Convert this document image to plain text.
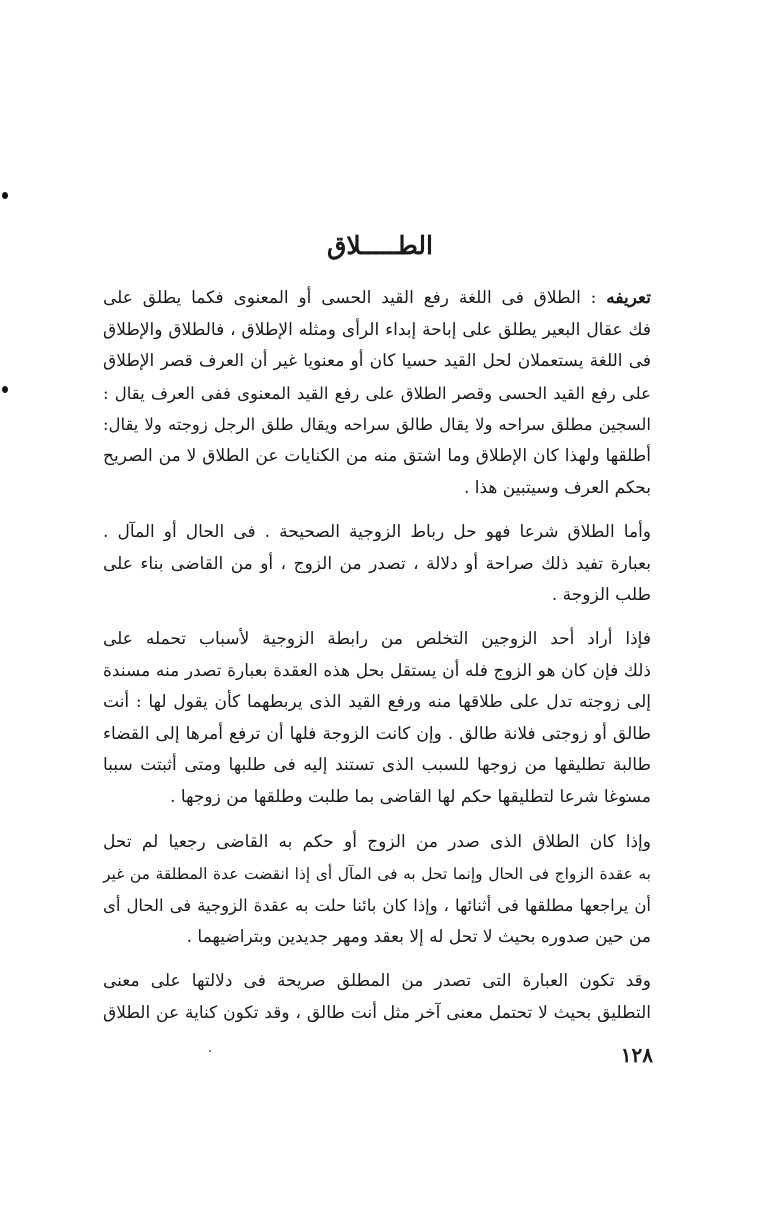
الطـــــلاق
تعريفه : الطلاق فى اللغة رفع القيد الحسى أو المعنوى فكما يطلق على
فك عقال البعير يطلق على إباحة إبداء الرأى ومثله الإطلاق ، فالطلاق والإطلاق
فى اللغة يستعملان لحل القيد حسيا كان أو معنويا غير أن العرف قصر الإطلاق
على رفع القيد الحسى وقصر الطلاق على رفع القيد المعنوى ففى العرف يقال :
السجين مطلق سراحه ولا يقال طالق سراحه ويقال طلق الرجل زوجته ولا يقال:
أطلقها ولهذا كان الإطلاق وما اشتق منه من الكنايات عن الطلاق لا من الصريح
بحكم العرف وسيتبين هذا .
وأما الطلاق شرعا فهو حل رباط الزوجية الصحيحة . فى الحال أو المآل .
بعبارة تفيد ذلك صراحة أو دلالة ، تصدر من الزوج ، أو من القاضى بناء على
طلب الزوجة .
فإذا أراد أحد الزوجين التخلص من رابطة الزوجية لأسباب تحمله على
ذلك فإن كان هو الزوج فله أن يستقل بحل هذه العقدة بعبارة تصدر منه مسندة
إلى زوجته تدل على طلاقها منه ورفع القيد الذى يربطهما كأن يقول لها : أنت
طالق أو زوجتى فلانة طالق . وإن كانت الزوجة فلها أن ترفع أمرها إلى القضاء
طالبة تطليقها من زوجها للسبب الذى تستند إليه فى طلبها ومتى أثبتت سببا
مسوغا شرعا لتطليقها حكم لها القاضى بما طلبت وطلقها من زوجها .
وإذا كان الطلاق الذى صدر من الزوج أو حكم به القاضى رجعيا لم تحل
به عقدة الزواج فى الحال وإنما تحل به فى المآل أى إذا انقضت عدة المطلقة من غير
أن يراجعها مطلقها فى أثنائها ، وإذا كان بائنا حلت به عقدة الزوجية فى الحال أى
من حين صدوره بحيث لا تحل له إلا بعقد ومهر جديدين وبتراضيهما .
وقد تكون العبارة التى تصدر من المطلق صريحة فى دلالتها على معنى
التطليق بحيث لا تحتمل معنى آخر مثل أنت طالق ، وقد تكون كناية عن الطلاق
١٢٨
